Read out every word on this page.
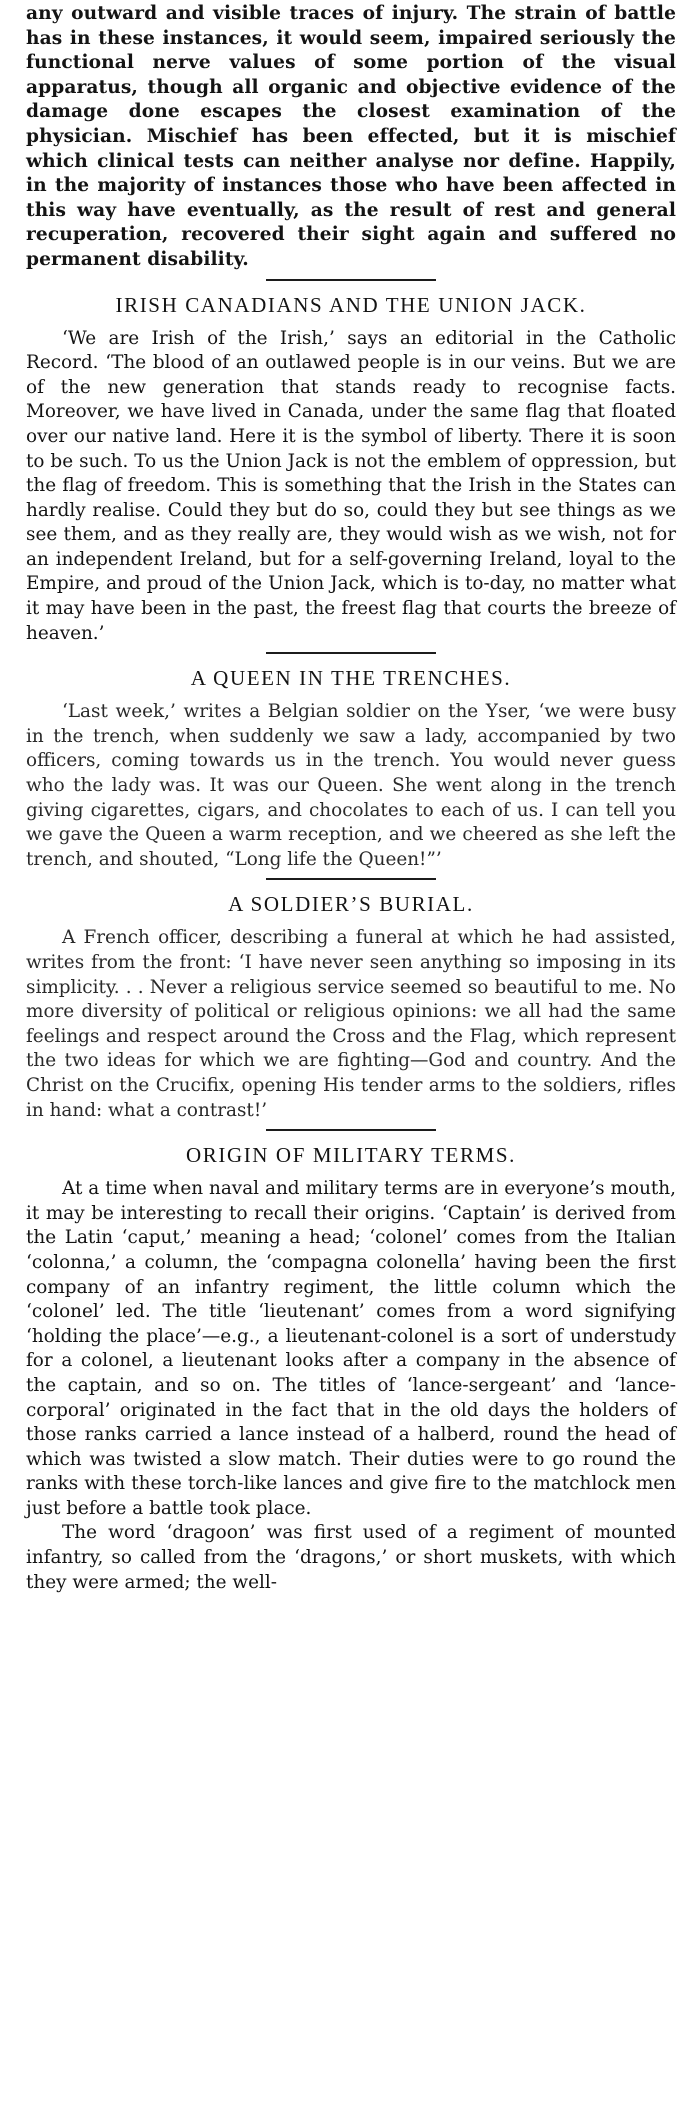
any outward and visible traces of injury. The strain of battle has in these instances, it would seem, impaired seriously the functional nerve values of some portion of the visual apparatus, though all organic and objective evidence of the damage done escapes the closest examination of the physician. Mischief has been effected, but it is mischief which clinical tests can neither analyse nor define. Happily, in the majority of instances those who have been affected in this way have eventually, as the result of rest and general recuperation, recovered their sight again and suffered no permanent disability.

IRISH CANADIANS AND THE UNION JACK.

‘We are Irish of the Irish,’ says an editorial in the Catholic Record. ‘The blood of an outlawed people is in our veins. But we are of the new generation that stands ready to recognise facts. Moreover, we have lived in Canada, under the same flag that floated over our native land. Here it is the symbol of liberty. There it is soon to be such. To us the Union Jack is not the emblem of oppression, but the flag of freedom. This is something that the Irish in the States can hardly realise. Could they but do so, could they but see things as we see them, and as they really are, they would wish as we wish, not for an independent Ireland, but for a self-governing Ireland, loyal to the Empire, and proud of the Union Jack, which is to-day, no matter what it may have been in the past, the freest flag that courts the breeze of heaven.’

A QUEEN IN THE TRENCHES.

‘Last week,’ writes a Belgian soldier on the Yser, ‘we were busy in the trench, when suddenly we saw a lady, accompanied by two officers, coming towards us in the trench. You would never guess who the lady was. It was our Queen. She went along in the trench giving cigarettes, cigars, and chocolates to each of us. I can tell you we gave the Queen a warm reception, and we cheered as she left the trench, and shouted, “Long life the Queen!”’

A SOLDIER’S BURIAL.

A French officer, describing a funeral at which he had assisted, writes from the front: ‘I have never seen anything so imposing in its simplicity. . . Never a religious service seemed so beautiful to me. No more diversity of political or religious opinions: we all had the same feelings and respect around the Cross and the Flag, which represent the two ideas for which we are fighting—God and country. And the Christ on the Crucifix, opening His tender arms to the soldiers, rifles in hand: what a contrast!’

ORIGIN OF MILITARY TERMS.

At a time when naval and military terms are in everyone’s mouth, it may be interesting to recall their origins. ‘Captain’ is derived from the Latin ‘caput,’ meaning a head; ‘colonel’ comes from the Italian ‘colonna,’ a column, the ‘compagna colonella’ having been the first company of an infantry regiment, the little column which the ‘colonel’ led. The title ‘lieutenant’ comes from a word signifying ‘holding the place’—e.g., a lieutenant-colonel is a sort of understudy for a colonel, a lieutenant looks after a company in the absence of the captain, and so on. The titles of ‘lance-sergeant’ and ‘lance-corporal’ originated in the fact that in the old days the holders of those ranks carried a lance instead of a halberd, round the head of which was twisted a slow match. Their duties were to go round the ranks with these torch-like lances and give fire to the matchlock men just before a battle took place.

The word ‘dragoon’ was first used of a regiment of mounted infantry, so called from the ‘dragons,’ or short muskets, with which they were armed; the well-
